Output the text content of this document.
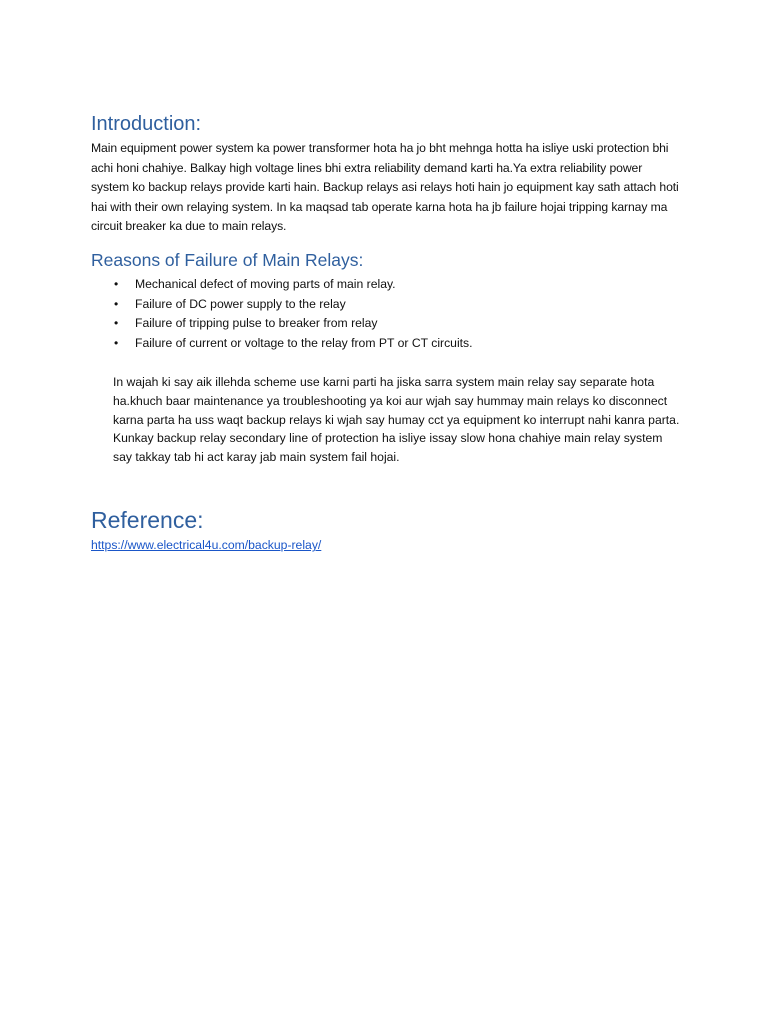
Introduction:

Main equipment power system ka power transformer hota ha jo bht mehnga hotta ha isliye uski protection bhi achi honi chahiye. Balkay high voltage lines bhi extra reliability demand karti ha.Ya extra reliability power system ko backup relays provide karti hain. Backup relays asi relays hoti hain jo equipment kay sath attach hoti hai with their own relaying system. In ka maqsad tab operate karna hota ha jb failure hojai tripping karnay ma circuit breaker ka due to main relays.

Reasons of Failure of Main Relays:
• Mechanical defect of moving parts of main relay.
• Failure of DC power supply to the relay
• Failure of tripping pulse to breaker from relay
• Failure of current or voltage to the relay from PT or CT circuits.

In wajah ki say aik illehda scheme use karni parti ha jiska sarra system main relay say separate hota ha.khuch baar maintenance ya troubleshooting ya koi aur wjah say hummay main relays ko disconnect karna parta ha uss waqt backup relays ki wjah say humay cct ya equipment ko interrupt nahi kanra parta.

Kunkay backup relay secondary line of protection ha isliye issay slow hona chahiye main relay system say takkay tab hi act karay jab main system fail hojai.

Reference:
https://www.electrical4u.com/backup-relay/
